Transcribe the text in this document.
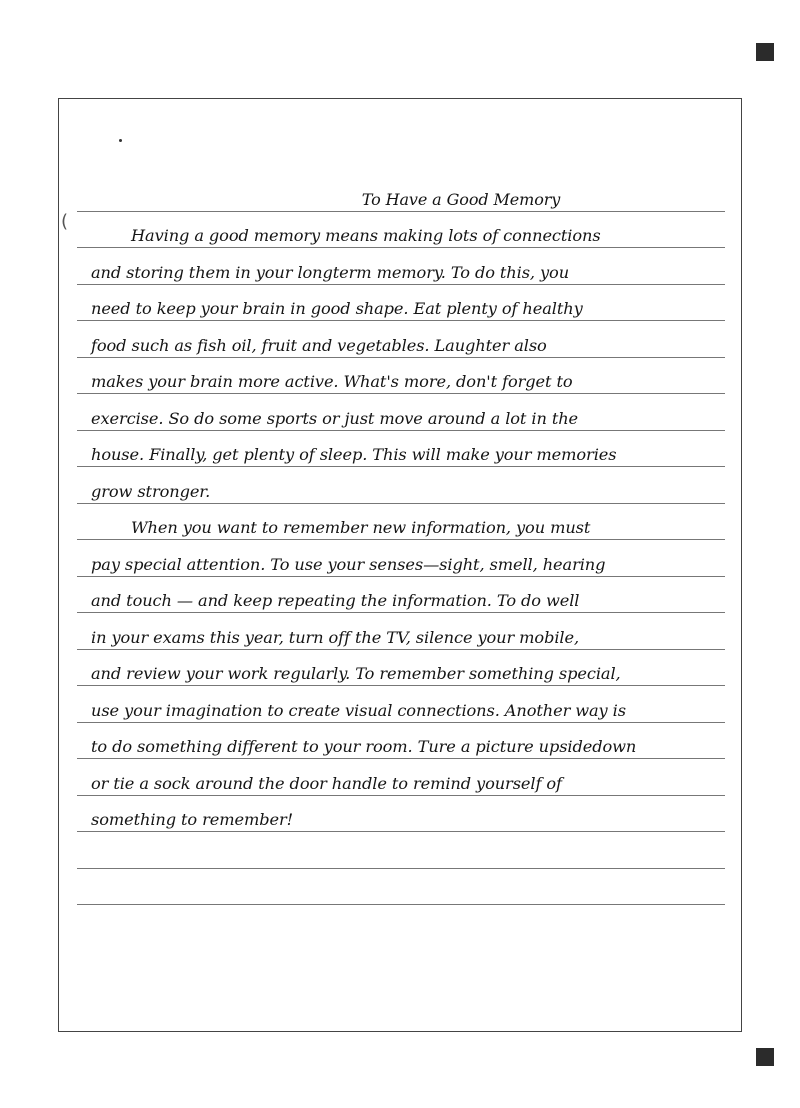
(
To Have a Good Memory
Having a good memory means making lots of connections
and storing them in your longterm memory. To do this, you
need to keep your brain in good shape. Eat plenty of healthy
food such as fish oil, fruit and vegetables. Laughter also
makes your brain more active. What's more, don't forget to
exercise. So do some sports or just move around a lot in the
house. Finally, get plenty of sleep. This will make your memories
grow stronger.
When you want to remember new information, you must
pay special attention. To use your senses—sight, smell, hearing
and touch — and keep repeating the information. To do well
in your exams this year, turn off the TV, silence your mobile,
and review your work regularly. To remember something special,
use your imagination to create visual connections. Another way is
to do something different to your room. Ture a picture upsidedown
or tie a sock around the door handle to remind yourself of
something to remember!
